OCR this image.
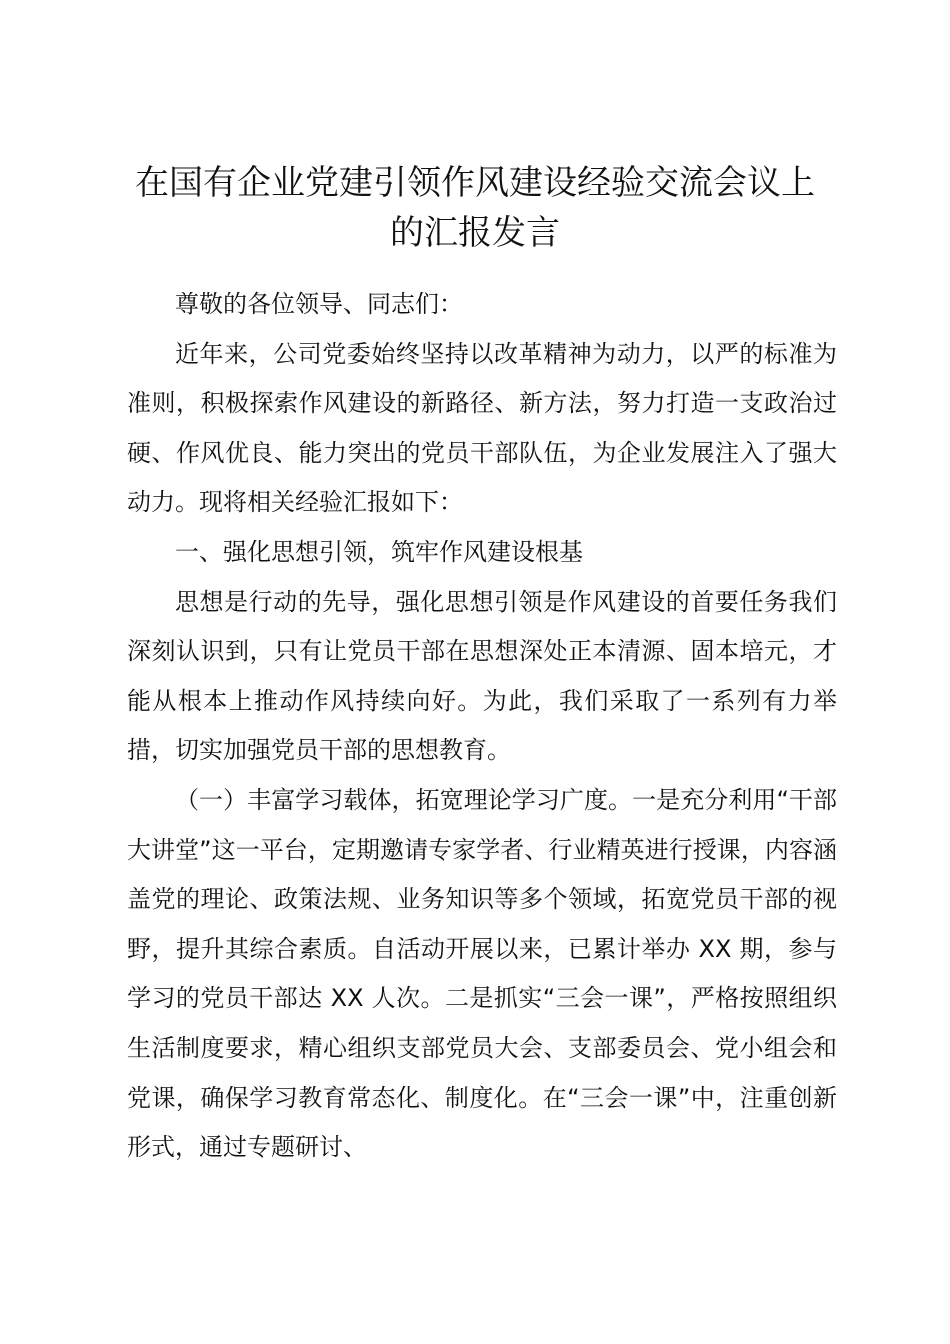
在国有企业党建引领作风建设经验交流会议上
的汇报发言

尊敬的各位领导、同志们：

近年来，公司党委始终坚持以改革精神为动力，以严的标准为准则，积极探索作风建设的新路径、新方法，努力打造一支政治过硬、作风优良、能力突出的党员干部队伍，为企业发展注入了强大动力。现将相关经验汇报如下：

一、强化思想引领，筑牢作风建设根基

思想是行动的先导，强化思想引领是作风建设的首要任务我们深刻认识到，只有让党员干部在思想深处正本清源、固本培元，才能从根本上推动作风持续向好。为此，我们采取了一系列有力举措，切实加强党员干部的思想教育。

（一）丰富学习载体，拓宽理论学习广度。一是充分利用“干部大讲堂”这一平台，定期邀请专家学者、行业精英进行授课，内容涵盖党的理论、政策法规、业务知识等多个领域，拓宽党员干部的视野，提升其综合素质。自活动开展以来，已累计举办 XX 期，参与学习的党员干部达 XX 人次。二是抓实“三会一课”，严格按照组织生活制度要求，精心组织支部党员大会、支部委员会、党小组会和党课，确保学习教育常态化、制度化。在“三会一课”中，注重创新形式，通过专题研讨、
